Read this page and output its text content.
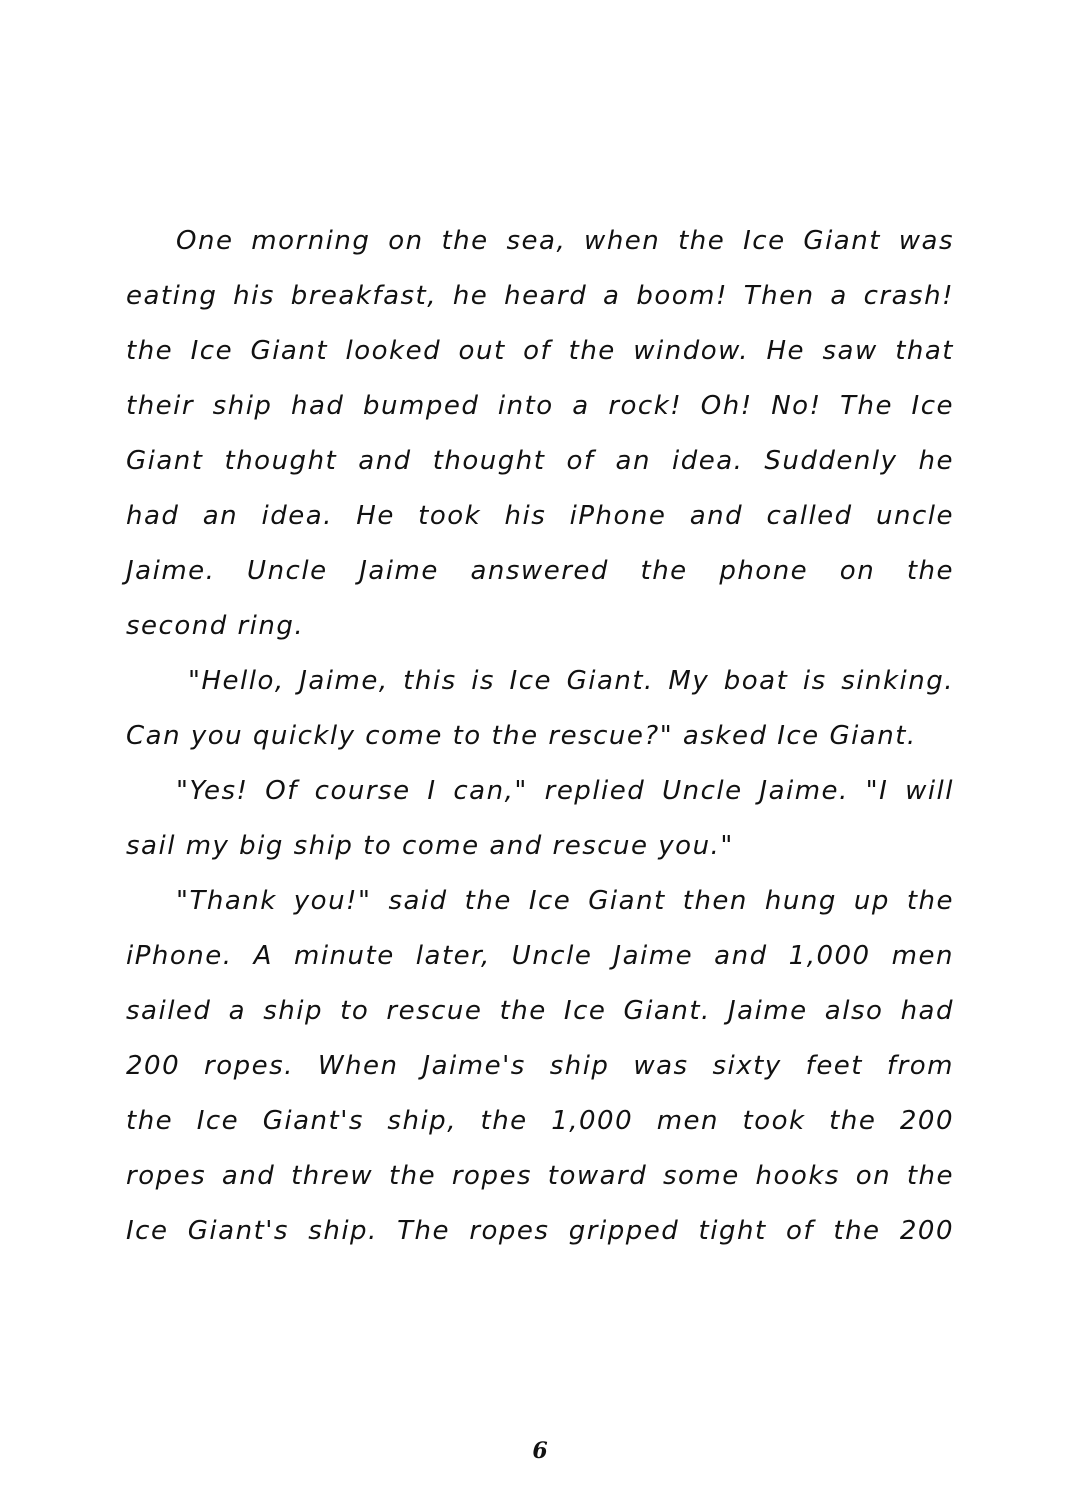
One morning on the sea, when the Ice Giant was
eating his breakfast, he heard a boom! Then a crash!
the Ice Giant looked out of the window. He saw that
their ship had bumped into a rock! Oh! No! The Ice
Giant thought and thought of an idea. Suddenly he
had an idea. He took his iPhone and called uncle
Jaime. Uncle Jaime answered the phone on the
second ring.
"Hello, Jaime, this is Ice Giant. My boat is sinking.
Can you quickly come to the rescue?" asked Ice Giant.
"Yes! Of course I can," replied Uncle Jaime. "I will
sail my big ship to come and rescue you."
"Thank you!" said the Ice Giant then hung up the
iPhone. A minute later, Uncle Jaime and 1,000 men
sailed a ship to rescue the Ice Giant. Jaime also had
200 ropes. When Jaime's ship was sixty feet from
the Ice Giant's ship, the 1,000 men took the 200
ropes and threw the ropes toward some hooks on the
Ice Giant's ship. The ropes gripped tight of the 200
6
